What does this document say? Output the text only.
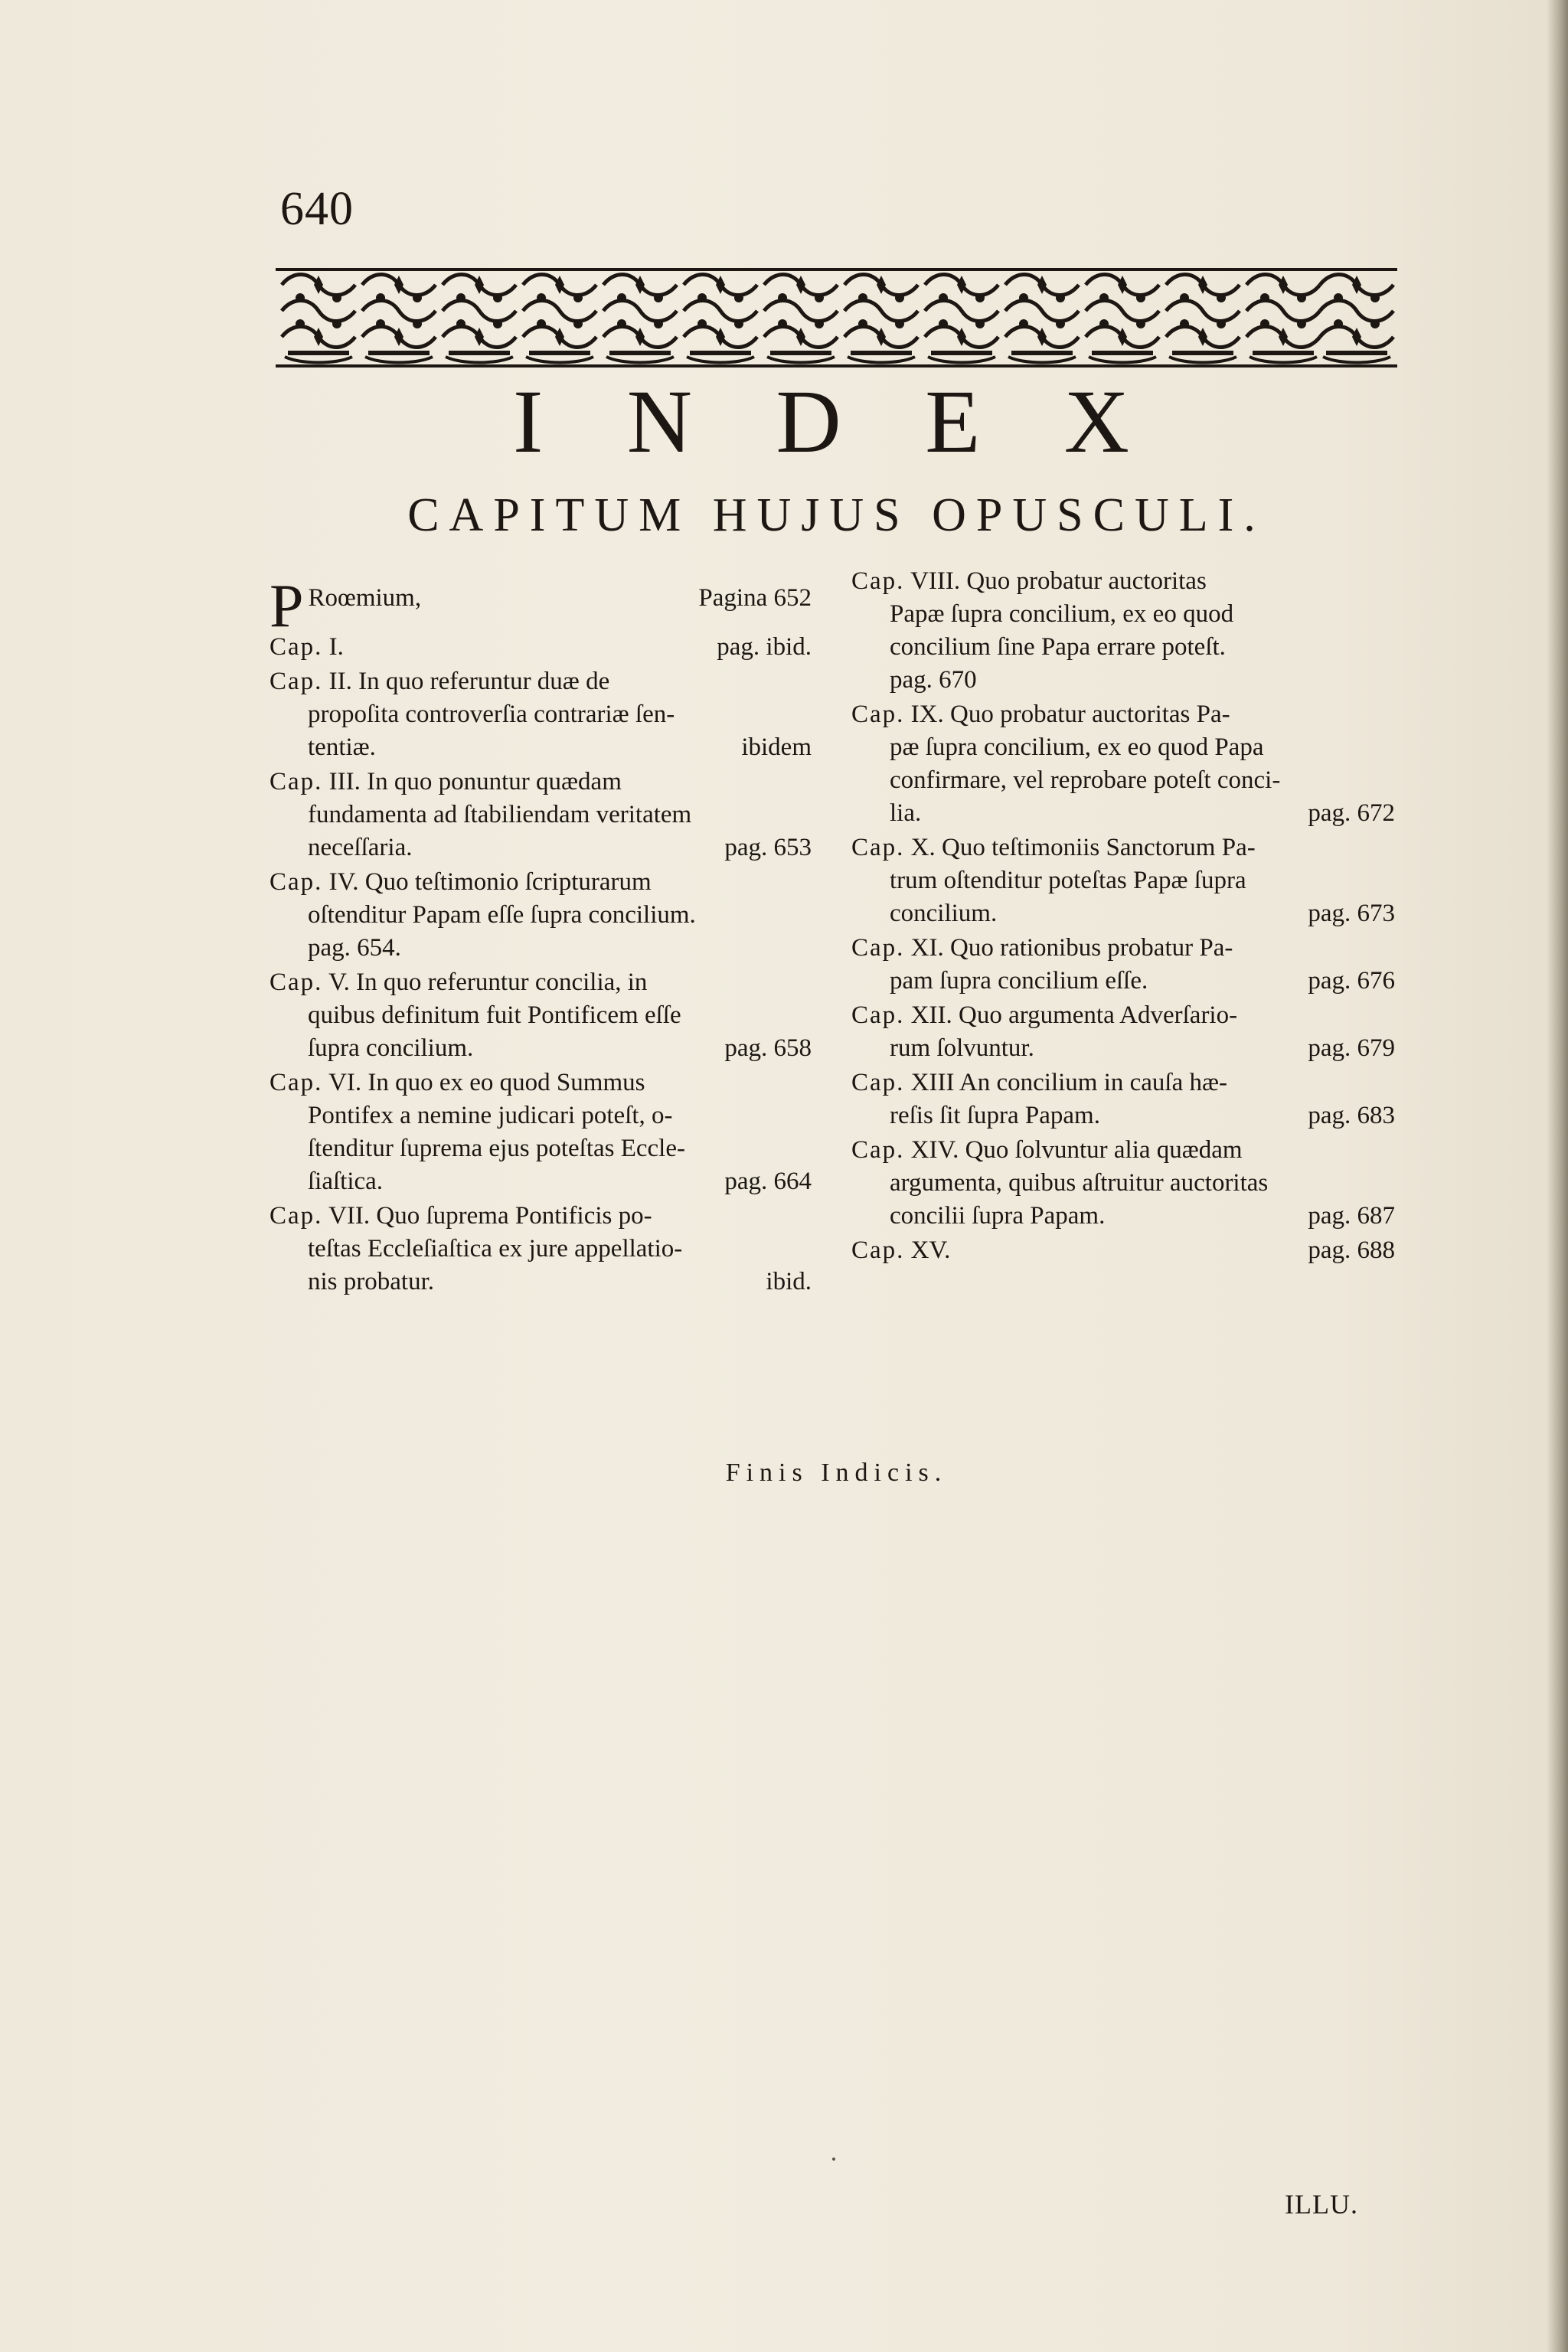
640
I N D E X
CAPITUM HUJUS OPUSCULI.
P Roœmium,	Pagina 652
Cap. I.	pag. ibid.
Cap. II. In quo referuntur duæ de
propoſita controverſia contrariæ ſen-
tentiæ.	ibidem
Cap. III. In quo ponuntur quædam
fundamenta ad ſtabiliendam veritatem
neceſſaria.	pag. 653
Cap. IV. Quo teſtimonio ſcripturarum
oſtenditur Papam eſſe ſupra concilium.
pag. 654.
Cap. V. In quo referuntur concilia, in
quibus definitum fuit Pontificem eſſe
ſupra concilium.	pag. 658
Cap. VI. In quo ex eo quod Summus
Pontifex a nemine judicari poteſt, o-
ſtenditur ſuprema ejus poteſtas Eccle-
ſiaſtica.	pag. 664
Cap. VII. Quo ſuprema Pontificis po-
teſtas Eccleſiaſtica ex jure appellatio-
nis probatur.	ibid.
Cap. VIII. Quo probatur auctoritas
Papæ ſupra concilium, ex eo quod
concilium ſine Papa errare poteſt.
pag. 670
Cap. IX. Quo probatur auctoritas Pa-
pæ ſupra concilium, ex eo quod Papa
confirmare, vel reprobare poteſt conci-
lia.	pag. 672
Cap. X. Quo teſtimoniis Sanctorum Pa-
trum oſtenditur poteſtas Papæ ſupra
concilium.	pag. 673
Cap. XI. Quo rationibus probatur Pa-
pam ſupra concilium eſſe.	pag. 676
Cap. XII. Quo argumenta Adverſario-
rum ſolvuntur.	pag. 679
Cap. XIII An concilium in cauſa hæ-
reſis ſit ſupra Papam.	pag. 683
Cap. XIV. Quo ſolvuntur alia quædam
argumenta, quibus aſtruitur auctoritas
concilii ſupra Papam.	pag. 687
Cap. XV.	pag. 688
Finis Indicis.
ILLU.
